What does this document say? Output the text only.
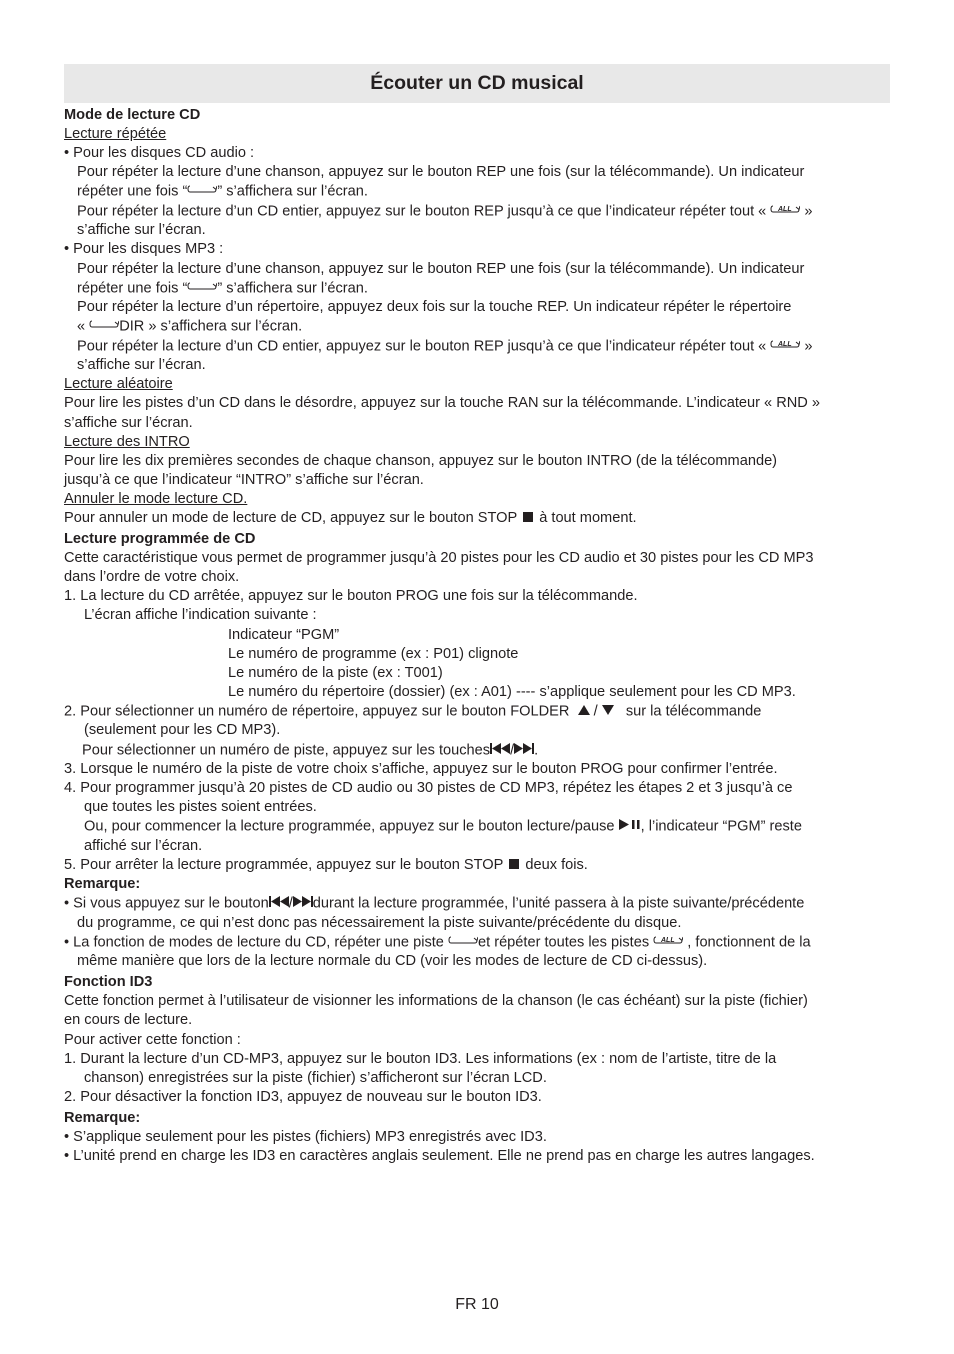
Écouter un CD musical
Mode de lecture CD
Lecture répétée
• Pour les disques CD audio :
Pour répéter la lecture d’une chanson, appuyez sur le bouton REP une fois (sur la télécommande). Un indicateur
répéter une fois “ ” s’affichera sur l’écran.
Pour répéter la lecture d’un CD entier, appuyez sur le bouton REP jusqu’à ce que l’indicateur répéter tout « ALL »
s’affiche sur l’écran.
• Pour les disques MP3 :
Pour répéter la lecture d’une chanson, appuyez sur le bouton REP une fois (sur la télécommande). Un indicateur
répéter une fois “ ” s’affichera sur l’écran.
Pour répéter la lecture d’un répertoire, appuyez deux fois sur la touche REP. Un indicateur répéter le répertoire
« DIR » s’affichera sur l’écran.
Pour répéter la lecture d’un CD entier, appuyez sur le bouton REP jusqu’à ce que l’indicateur répéter tout « ALL »
s’affiche sur l’écran.
Lecture aléatoire
Pour lire les pistes d’un CD dans le désordre, appuyez sur la touche RAN sur la télécommande. L’indicateur « RND »
s’affiche sur l’écran.
Lecture des INTRO
Pour lire les dix premières secondes de chaque chanson, appuyez sur le bouton INTRO (de la télécommande)
jusqu’à ce que l’indicateur “INTRO” s’affiche sur l’écran.
Annuler le mode lecture CD.
Pour annuler un mode de lecture de CD, appuyez sur le bouton STOP à tout moment.
Lecture programmée de CD
Cette caractéristique vous permet de programmer jusqu’à 20 pistes pour les CD audio et 30 pistes pour les CD MP3
dans l’ordre de votre choix.
1. La lecture du CD arrêtée, appuyez sur le bouton PROG une fois sur la télécommande.
L’écran affiche l’indication suivante :
Indicateur “PGM”
Le numéro de programme (ex : P01) clignote
Le numéro de la piste (ex : T001)
Le numéro du répertoire (dossier) (ex : A01) ---- s’applique seulement pour les CD MP3.
2. Pour sélectionner un numéro de répertoire, appuyez sur le bouton FOLDER / sur la télécommande
(seulement pour les CD MP3).
Pour sélectionner un numéro de piste, appuyez sur les touches / .
3. Lorsque le numéro de la piste de votre choix s’affiche, appuyez sur le bouton PROG pour confirmer l’entrée.
4. Pour programmer jusqu’à 20 pistes de CD audio ou 30 pistes de CD MP3, répétez les étapes 2 et 3 jusqu’à ce
que toutes les pistes soient entrées.
Ou, pour commencer la lecture programmée, appuyez sur le bouton lecture/pause , l’indicateur “PGM” reste
affiché sur l’écran.
5. Pour arrêter la lecture programmée, appuyez sur le bouton STOP deux fois.
Remarque:
• Si vous appuyez sur le bouton / durant la lecture programmée, l’unité passera à la piste suivante/précédente
du programme, ce qui n’est donc pas nécessairement la piste suivante/précédente du disque.
• La fonction de modes de lecture du CD, répéter une piste et répéter toutes les pistes ALL , fonctionnent de la
même manière que lors de la lecture normale du CD (voir les modes de lecture de CD ci-dessus).
Fonction ID3
Cette fonction permet à l’utilisateur de visionner les informations de la chanson (le cas échéant) sur la piste (fichier)
en cours de lecture.
Pour activer cette fonction :
1. Durant la lecture d’un CD-MP3, appuyez sur le bouton ID3. Les informations (ex : nom de l’artiste, titre de la
chanson) enregistrées sur la piste (fichier) s’afficheront sur l’écran LCD.
2. Pour désactiver la fonction ID3, appuyez de nouveau sur le bouton ID3.
Remarque:
• S’applique seulement pour les pistes (fichiers) MP3 enregistrés avec ID3.
• L’unité prend en charge les ID3 en caractères anglais seulement. Elle ne prend pas en charge les autres langages.
FR 10
